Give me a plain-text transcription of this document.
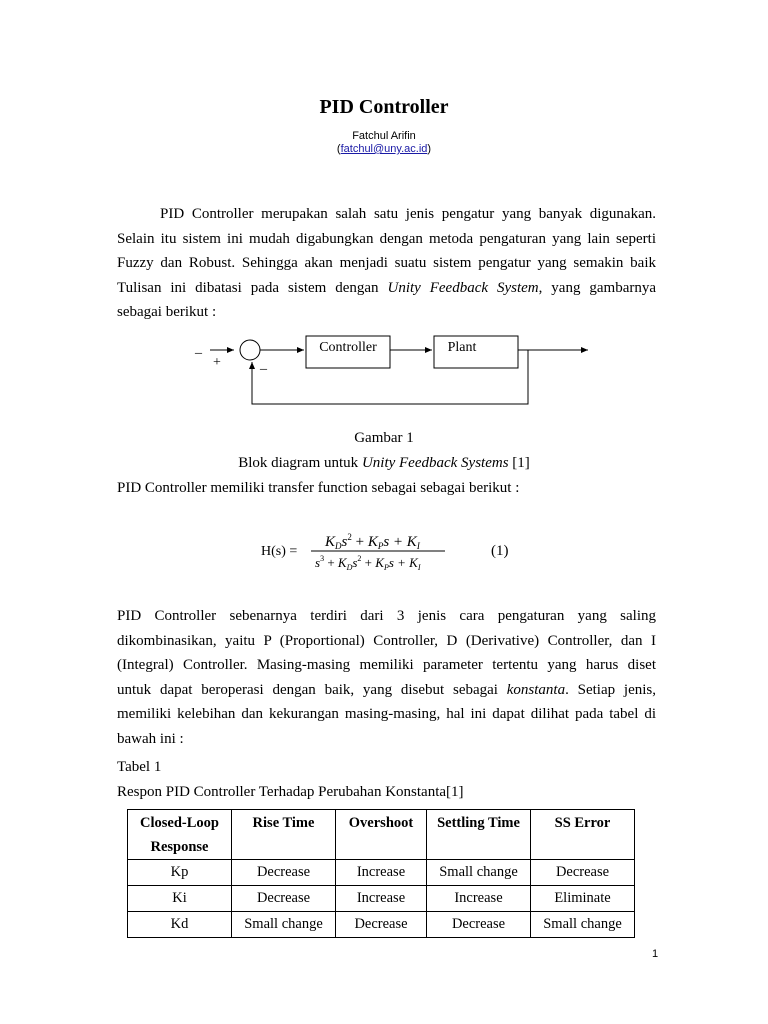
PID Controller
Fatchul Arifin
(fatchul@uny.ac.id)
PID Controller merupakan salah satu jenis pengatur yang banyak digunakan.
Selain itu sistem ini mudah digabungkan dengan metoda pengaturan yang lain seperti
Fuzzy dan Robust. Sehingga akan menjadi suatu sistem pengatur yang semakin baik
Tulisan ini dibatasi pada sistem dengan Unity Feedback System, yang gambarnya
sebagai berikut :
Controller	Plant
_
+	_
Gambar 1
Blok diagram untuk Unity Feedback Systems [1]
PID Controller memiliki transfer function sebagai sebagai berikut :
H(s) =
$K_Ds^2 + K_Ps + K_I$
$s^3 + K_Ds^2 + K_Ps + K_I$
(1)
PID Controller sebenarnya terdiri dari 3 jenis cara pengaturan yang saling
dikombinasikan, yaitu P (Proportional) Controller, D (Derivative) Controller, dan I
(Integral) Controller. Masing-masing memiliki parameter tertentu yang harus diset
untuk dapat beroperasi dengan baik, yang disebut sebagai konstanta. Setiap jenis,
memiliki kelebihan dan kekurangan masing-masing, hal ini dapat dilihat pada tabel di
bawah ini :
Tabel 1
Respon PID Controller Terhadap Perubahan Konstanta[1]
Closed-Loop
Response	Rise Time	Overshoot	Settling Time	SS Error
Kp	Decrease	Increase	Small change	Decrease
Ki	Decrease	Increase	Increase	Eliminate
Kd	Small change	Decrease	Decrease	Small change
1
